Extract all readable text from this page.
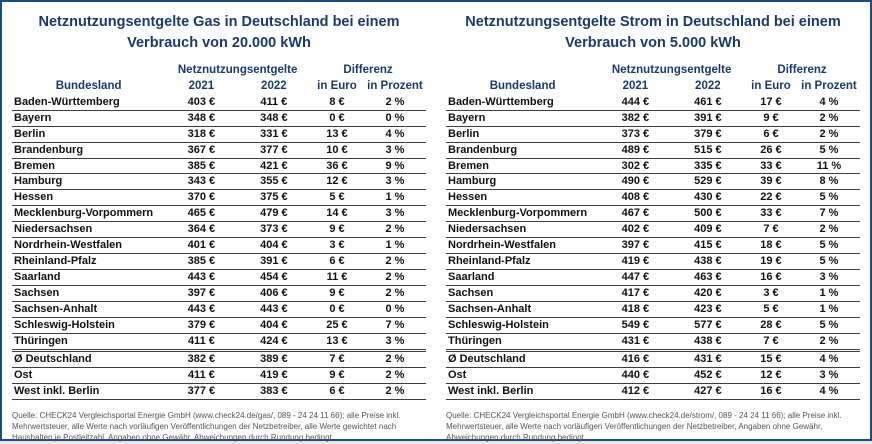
Netznutzungsentgelte Gas in Deutschland bei einem
Verbrauch von 20.000 kWh
	Netznutzungsentgelte		Differenz	
Bundesland	2021	2022	in Euro	in Prozent
Baden-Württemberg	403 €	411 €	8 €	2 %
Bayern	348 €	348 €	0 €	0 %
Berlin	318 €	331 €	13 €	4 %
Brandenburg	367 €	377 €	10 €	3 %
Bremen	385 €	421 €	36 €	9 %
Hamburg	343 €	355 €	12 €	3 %
Hessen	370 €	375 €	5 €	1 %
Mecklenburg-Vorpommern	465 €	479 €	14 €	3 %
Niedersachsen	364 €	373 €	9 €	2 %
Nordrhein-Westfalen	401 €	404 €	3 €	1 %
Rheinland-Pfalz	385 €	391 €	6 €	2 %
Saarland	443 €	454 €	11 €	2 %
Sachsen	397 €	406 €	9 €	2 %
Sachsen-Anhalt	443 €	443 €	0 €	0 %
Schleswig-Holstein	379 €	404 €	25 €	7 %
Thüringen	411 €	424 €	13 €	3 %
Ø Deutschland	382 €	389 €	7 €	2 %
Ost	411 €	419 €	9 €	2 %
West inkl. Berlin	377 €	383 €	6 €	2 %

Quelle: CHECK24 Vergleichsportal Energie GmbH (www.check24.de/gas/, 089 - 24 24 11 66); alle Preise inkl. Mehrwertsteuer, alle Werte nach vorläufigen Veröffentlichungen der Netzbetreiber, alle Werte gewichtet nach Haushalten je Postleitzahl, Angaben ohne Gewähr, Abweichungen durch Rundung bedingt

Netznutzungsentgelte Strom in Deutschland bei einem
Verbrauch von 5.000 kWh
	Netznutzungsentgelte		Differenz	
Bundesland	2021	2022	in Euro	in Prozent
Baden-Württemberg	444 €	461 €	17 €	4 %
Bayern	382 €	391 €	9 €	2 %
Berlin	373 €	379 €	6 €	2 %
Brandenburg	489 €	515 €	26 €	5 %
Bremen	302 €	335 €	33 €	11 %
Hamburg	490 €	529 €	39 €	8 %
Hessen	408 €	430 €	22 €	5 %
Mecklenburg-Vorpommern	467 €	500 €	33 €	7 %
Niedersachsen	402 €	409 €	7 €	2 %
Nordrhein-Westfalen	397 €	415 €	18 €	5 %
Rheinland-Pfalz	419 €	438 €	19 €	5 %
Saarland	447 €	463 €	16 €	3 %
Sachsen	417 €	420 €	3 €	1 %
Sachsen-Anhalt	418 €	423 €	5 €	1 %
Schleswig-Holstein	549 €	577 €	28 €	5 %
Thüringen	431 €	438 €	7 €	2 %
Ø Deutschland	416 €	431 €	15 €	4 %
Ost	440 €	452 €	12 €	3 %
West inkl. Berlin	412 €	427 €	16 €	4 %

Quelle: CHECK24 Vergleichsportal Energie GmbH (www.check24.de/strom/, 089 - 24 24 11 66); alle Preise inkl. Mehrwertsteuer, alle Werte nach vorläufigen Veröffentlichungen der Netzbetreiber, Angaben ohne Gewähr, Abweichungen durch Rundung bedingt
